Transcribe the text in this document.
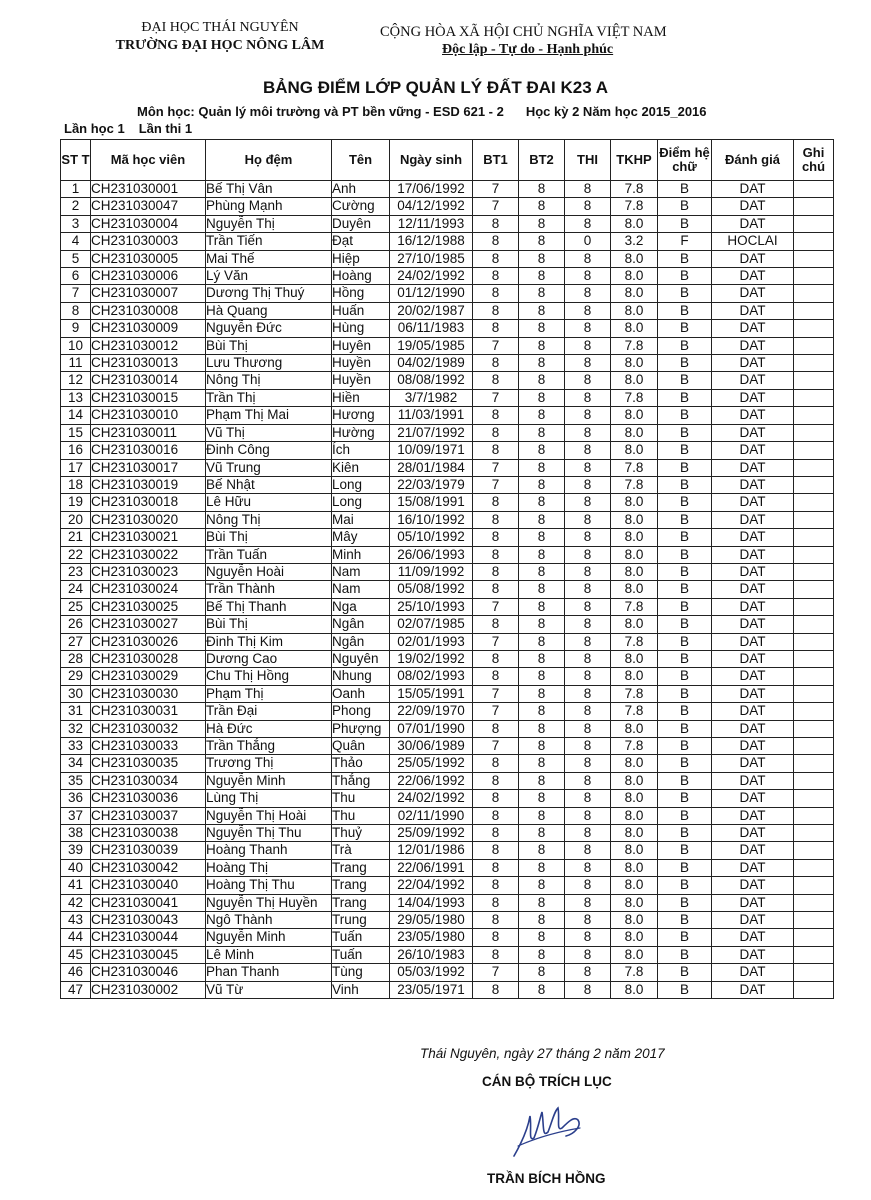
ĐẠI HỌC THÁI NGUYÊN
TRƯỜNG ĐẠI HỌC NÔNG LÂM
CỘNG HÒA XÃ HỘI CHỦ NGHĨA VIỆT NAM
Độc lập - Tự do - Hạnh phúc
BẢNG ĐIỂM LỚP QUẢN LÝ ĐẤT ĐAI K23 A
Môn học: Quản lý môi trường và PT bền vững - ESD 621 - 2 Học kỳ 2 Năm học 2015_2016
Lần học 1 Lần thi 1
ST T	Mã học viên	Họ đệm	Tên	Ngày sinh	BT1	BT2	THI	TKHP	Điểm hệ chữ	Đánh giá	Ghi chú
1	CH231030001	Bế Thị Vân	Anh	17/06/1992	7	8	8	7.8	B	DAT	
2	CH231030047	Phùng Mạnh	Cường	04/12/1992	7	8	8	7.8	B	DAT	
3	CH231030004	Nguyễn Thị	Duyên	12/11/1993	8	8	8	8.0	B	DAT	
4	CH231030003	Trần Tiến	Đạt	16/12/1988	8	8	0	3.2	F	HOCLAI	
5	CH231030005	Mai Thế	Hiệp	27/10/1985	8	8	8	8.0	B	DAT	
6	CH231030006	Lý Văn	Hoàng	24/02/1992	8	8	8	8.0	B	DAT	
7	CH231030007	Dương Thị Thuý	Hồng	01/12/1990	8	8	8	8.0	B	DAT	
8	CH231030008	Hà Quang	Huấn	20/02/1987	8	8	8	8.0	B	DAT	
9	CH231030009	Nguyễn Đức	Hùng	06/11/1983	8	8	8	8.0	B	DAT	
10	CH231030012	Bùi Thị	Huyên	19/05/1985	7	8	8	7.8	B	DAT	
11	CH231030013	Lưu Thương	Huyền	04/02/1989	8	8	8	8.0	B	DAT	
12	CH231030014	Nông Thị	Huyền	08/08/1992	8	8	8	8.0	B	DAT	
13	CH231030015	Trần Thị	Hiền	3/7/1982	7	8	8	7.8	B	DAT	
14	CH231030010	Phạm Thị Mai	Hương	11/03/1991	8	8	8	8.0	B	DAT	
15	CH231030011	Vũ Thị	Hường	21/07/1992	8	8	8	8.0	B	DAT	
16	CH231030016	Đinh Công	Ích	10/09/1971	8	8	8	8.0	B	DAT	
17	CH231030017	Vũ Trung	Kiên	28/01/1984	7	8	8	7.8	B	DAT	
18	CH231030019	Bế Nhật	Long	22/03/1979	7	8	8	7.8	B	DAT	
19	CH231030018	Lê Hữu	Long	15/08/1991	8	8	8	8.0	B	DAT	
20	CH231030020	Nông Thị	Mai	16/10/1992	8	8	8	8.0	B	DAT	
21	CH231030021	Bùi Thị	Mây	05/10/1992	8	8	8	8.0	B	DAT	
22	CH231030022	Trần Tuấn	Minh	26/06/1993	8	8	8	8.0	B	DAT	
23	CH231030023	Nguyễn Hoài	Nam	11/09/1992	8	8	8	8.0	B	DAT	
24	CH231030024	Trần Thành	Nam	05/08/1992	8	8	8	8.0	B	DAT	
25	CH231030025	Bế Thị Thanh	Nga	25/10/1993	7	8	8	7.8	B	DAT	
26	CH231030027	Bùi Thị	Ngân	02/07/1985	8	8	8	8.0	B	DAT	
27	CH231030026	Đinh Thị Kim	Ngân	02/01/1993	7	8	8	7.8	B	DAT	
28	CH231030028	Dương Cao	Nguyên	19/02/1992	8	8	8	8.0	B	DAT	
29	CH231030029	Chu Thị Hồng	Nhung	08/02/1993	8	8	8	8.0	B	DAT	
30	CH231030030	Phạm Thị	Oanh	15/05/1991	7	8	8	7.8	B	DAT	
31	CH231030031	Trần Đại	Phong	22/09/1970	7	8	8	7.8	B	DAT	
32	CH231030032	Hà Đức	Phượng	07/01/1990	8	8	8	8.0	B	DAT	
33	CH231030033	Trần Thắng	Quân	30/06/1989	7	8	8	7.8	B	DAT	
34	CH231030035	Trương Thị	Thảo	25/05/1992	8	8	8	8.0	B	DAT	
35	CH231030034	Nguyễn Minh	Thắng	22/06/1992	8	8	8	8.0	B	DAT	
36	CH231030036	Lùng Thị	Thu	24/02/1992	8	8	8	8.0	B	DAT	
37	CH231030037	Nguyễn Thị Hoài	Thu	02/11/1990	8	8	8	8.0	B	DAT	
38	CH231030038	Nguyễn Thị Thu	Thuỷ	25/09/1992	8	8	8	8.0	B	DAT	
39	CH231030039	Hoàng Thanh	Trà	12/01/1986	8	8	8	8.0	B	DAT	
40	CH231030042	Hoàng Thị	Trang	22/06/1991	8	8	8	8.0	B	DAT	
41	CH231030040	Hoàng Thị Thu	Trang	22/04/1992	8	8	8	8.0	B	DAT	
42	CH231030041	Nguyễn Thị Huyền	Trang	14/04/1993	8	8	8	8.0	B	DAT	
43	CH231030043	Ngô Thành	Trung	29/05/1980	8	8	8	8.0	B	DAT	
44	CH231030044	Nguyễn Minh	Tuấn	23/05/1980	8	8	8	8.0	B	DAT	
45	CH231030045	Lê Minh	Tuấn	26/10/1983	8	8	8	8.0	B	DAT	
46	CH231030046	Phan Thanh	Tùng	05/03/1992	7	8	8	7.8	B	DAT	
47	CH231030002	Vũ Từ	Vinh	23/05/1971	8	8	8	8.0	B	DAT	
Thái Nguyên, ngày 27 tháng 2 năm 2017
CÁN BỘ TRÍCH LỤC
TRẦN BÍCH HỒNG
